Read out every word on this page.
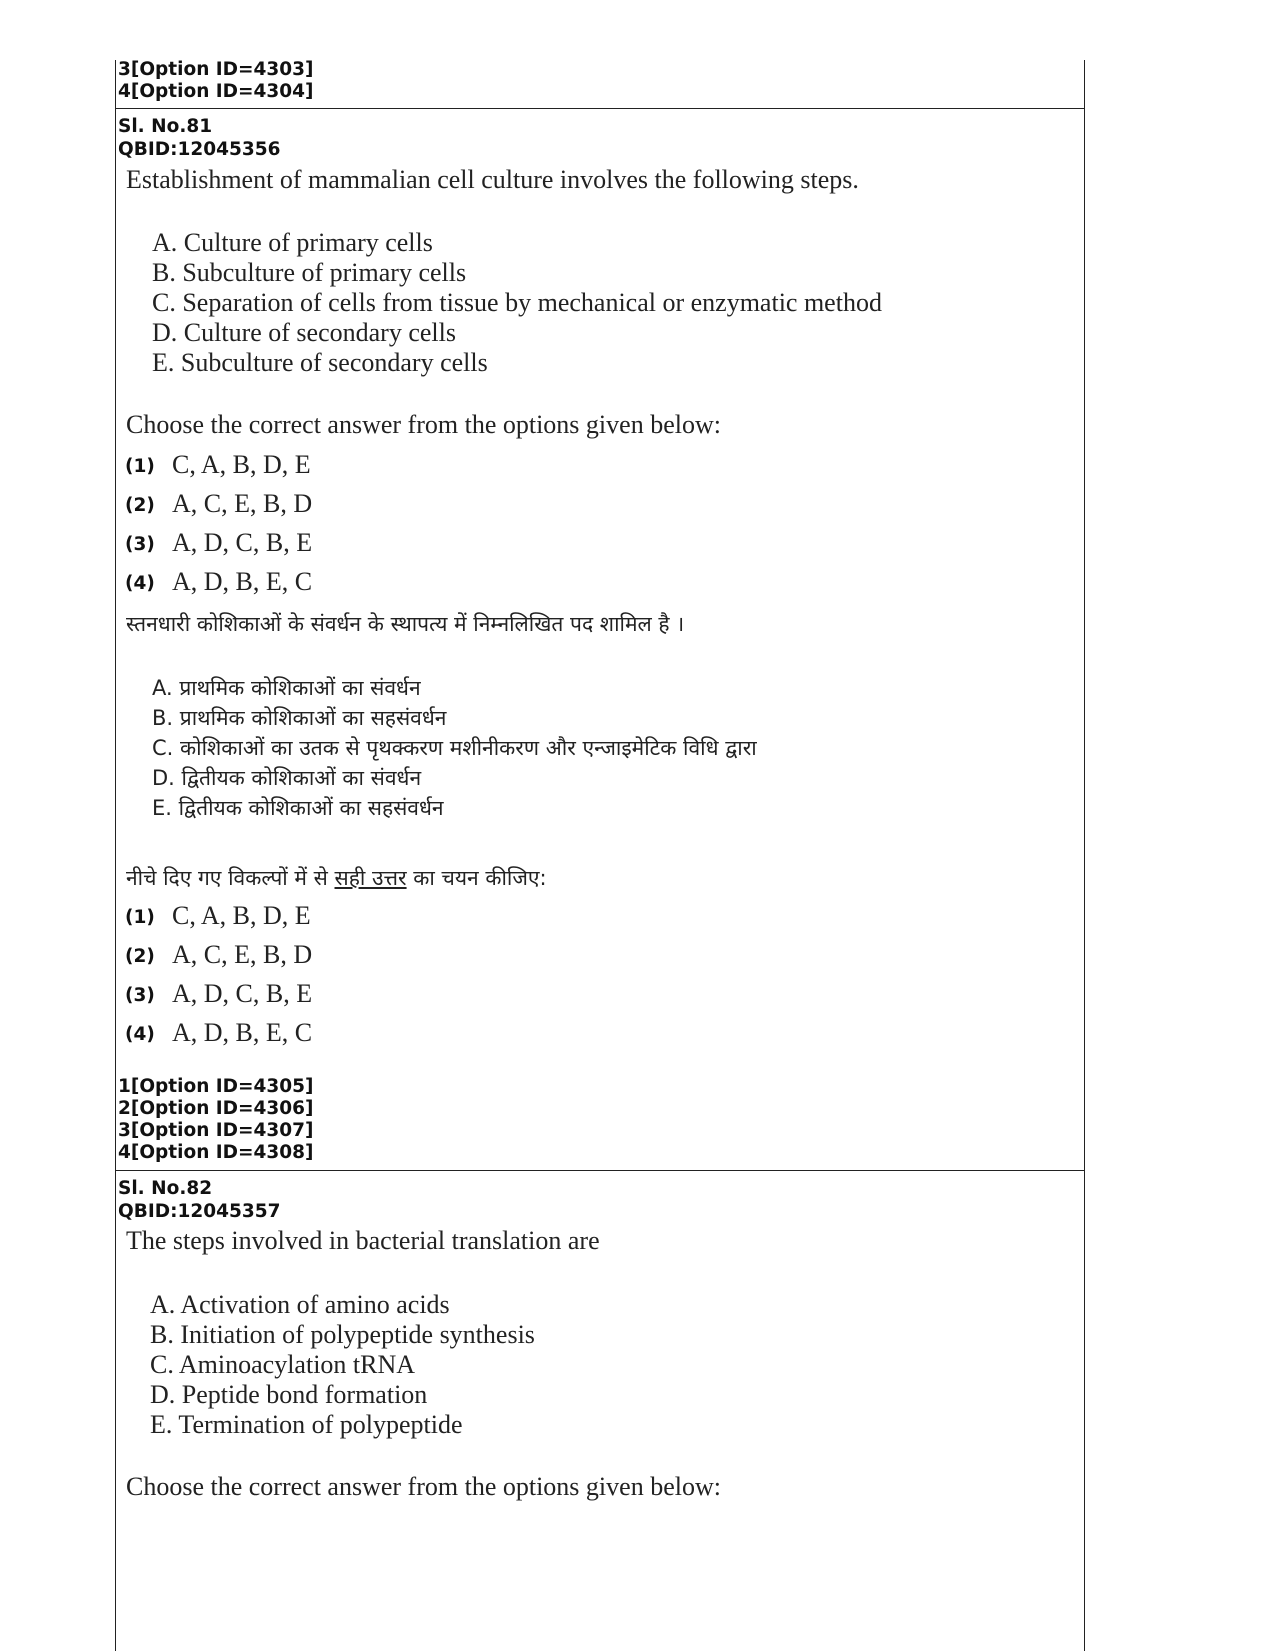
3[Option ID=4303]
4[Option ID=4304]
Sl. No.81
QBID:12045356
Establishment of mammalian cell culture involves the following steps.
A. Culture of primary cells
B. Subculture of primary cells
C. Separation of cells from tissue by mechanical or enzymatic method
D. Culture of secondary cells
E. Subculture of secondary cells
Choose the correct answer from the options given below:
(1) C, A, B, D, E
(2) A, C, E, B, D
(3) A, D, C, B, E
(4) A, D, B, E, C
स्तनधारी कोशिकाओं के संवर्धन के स्थापत्य में निम्नलिखित पद शामिल है ।
A. प्राथमिक कोशिकाओं का संवर्धन
B. प्राथमिक कोशिकाओं का सहसंवर्धन
C. कोशिकाओं का उतक से पृथक्करण मशीनीकरण और एन्जाइमेटिक विधि द्वारा
D. द्वितीयक कोशिकाओं का संवर्धन
E. द्वितीयक कोशिकाओं का सहसंवर्धन
नीचे दिए गए विकल्पों में से सही उत्तर का चयन कीजिए:
(1) C, A, B, D, E
(2) A, C, E, B, D
(3) A, D, C, B, E
(4) A, D, B, E, C
1[Option ID=4305]
2[Option ID=4306]
3[Option ID=4307]
4[Option ID=4308]
Sl. No.82
QBID:12045357
The steps involved in bacterial translation are
A. Activation of amino acids
B. Initiation of polypeptide synthesis
C. Aminoacylation tRNA
D. Peptide bond formation
E. Termination of polypeptide
Choose the correct answer from the options given below:
